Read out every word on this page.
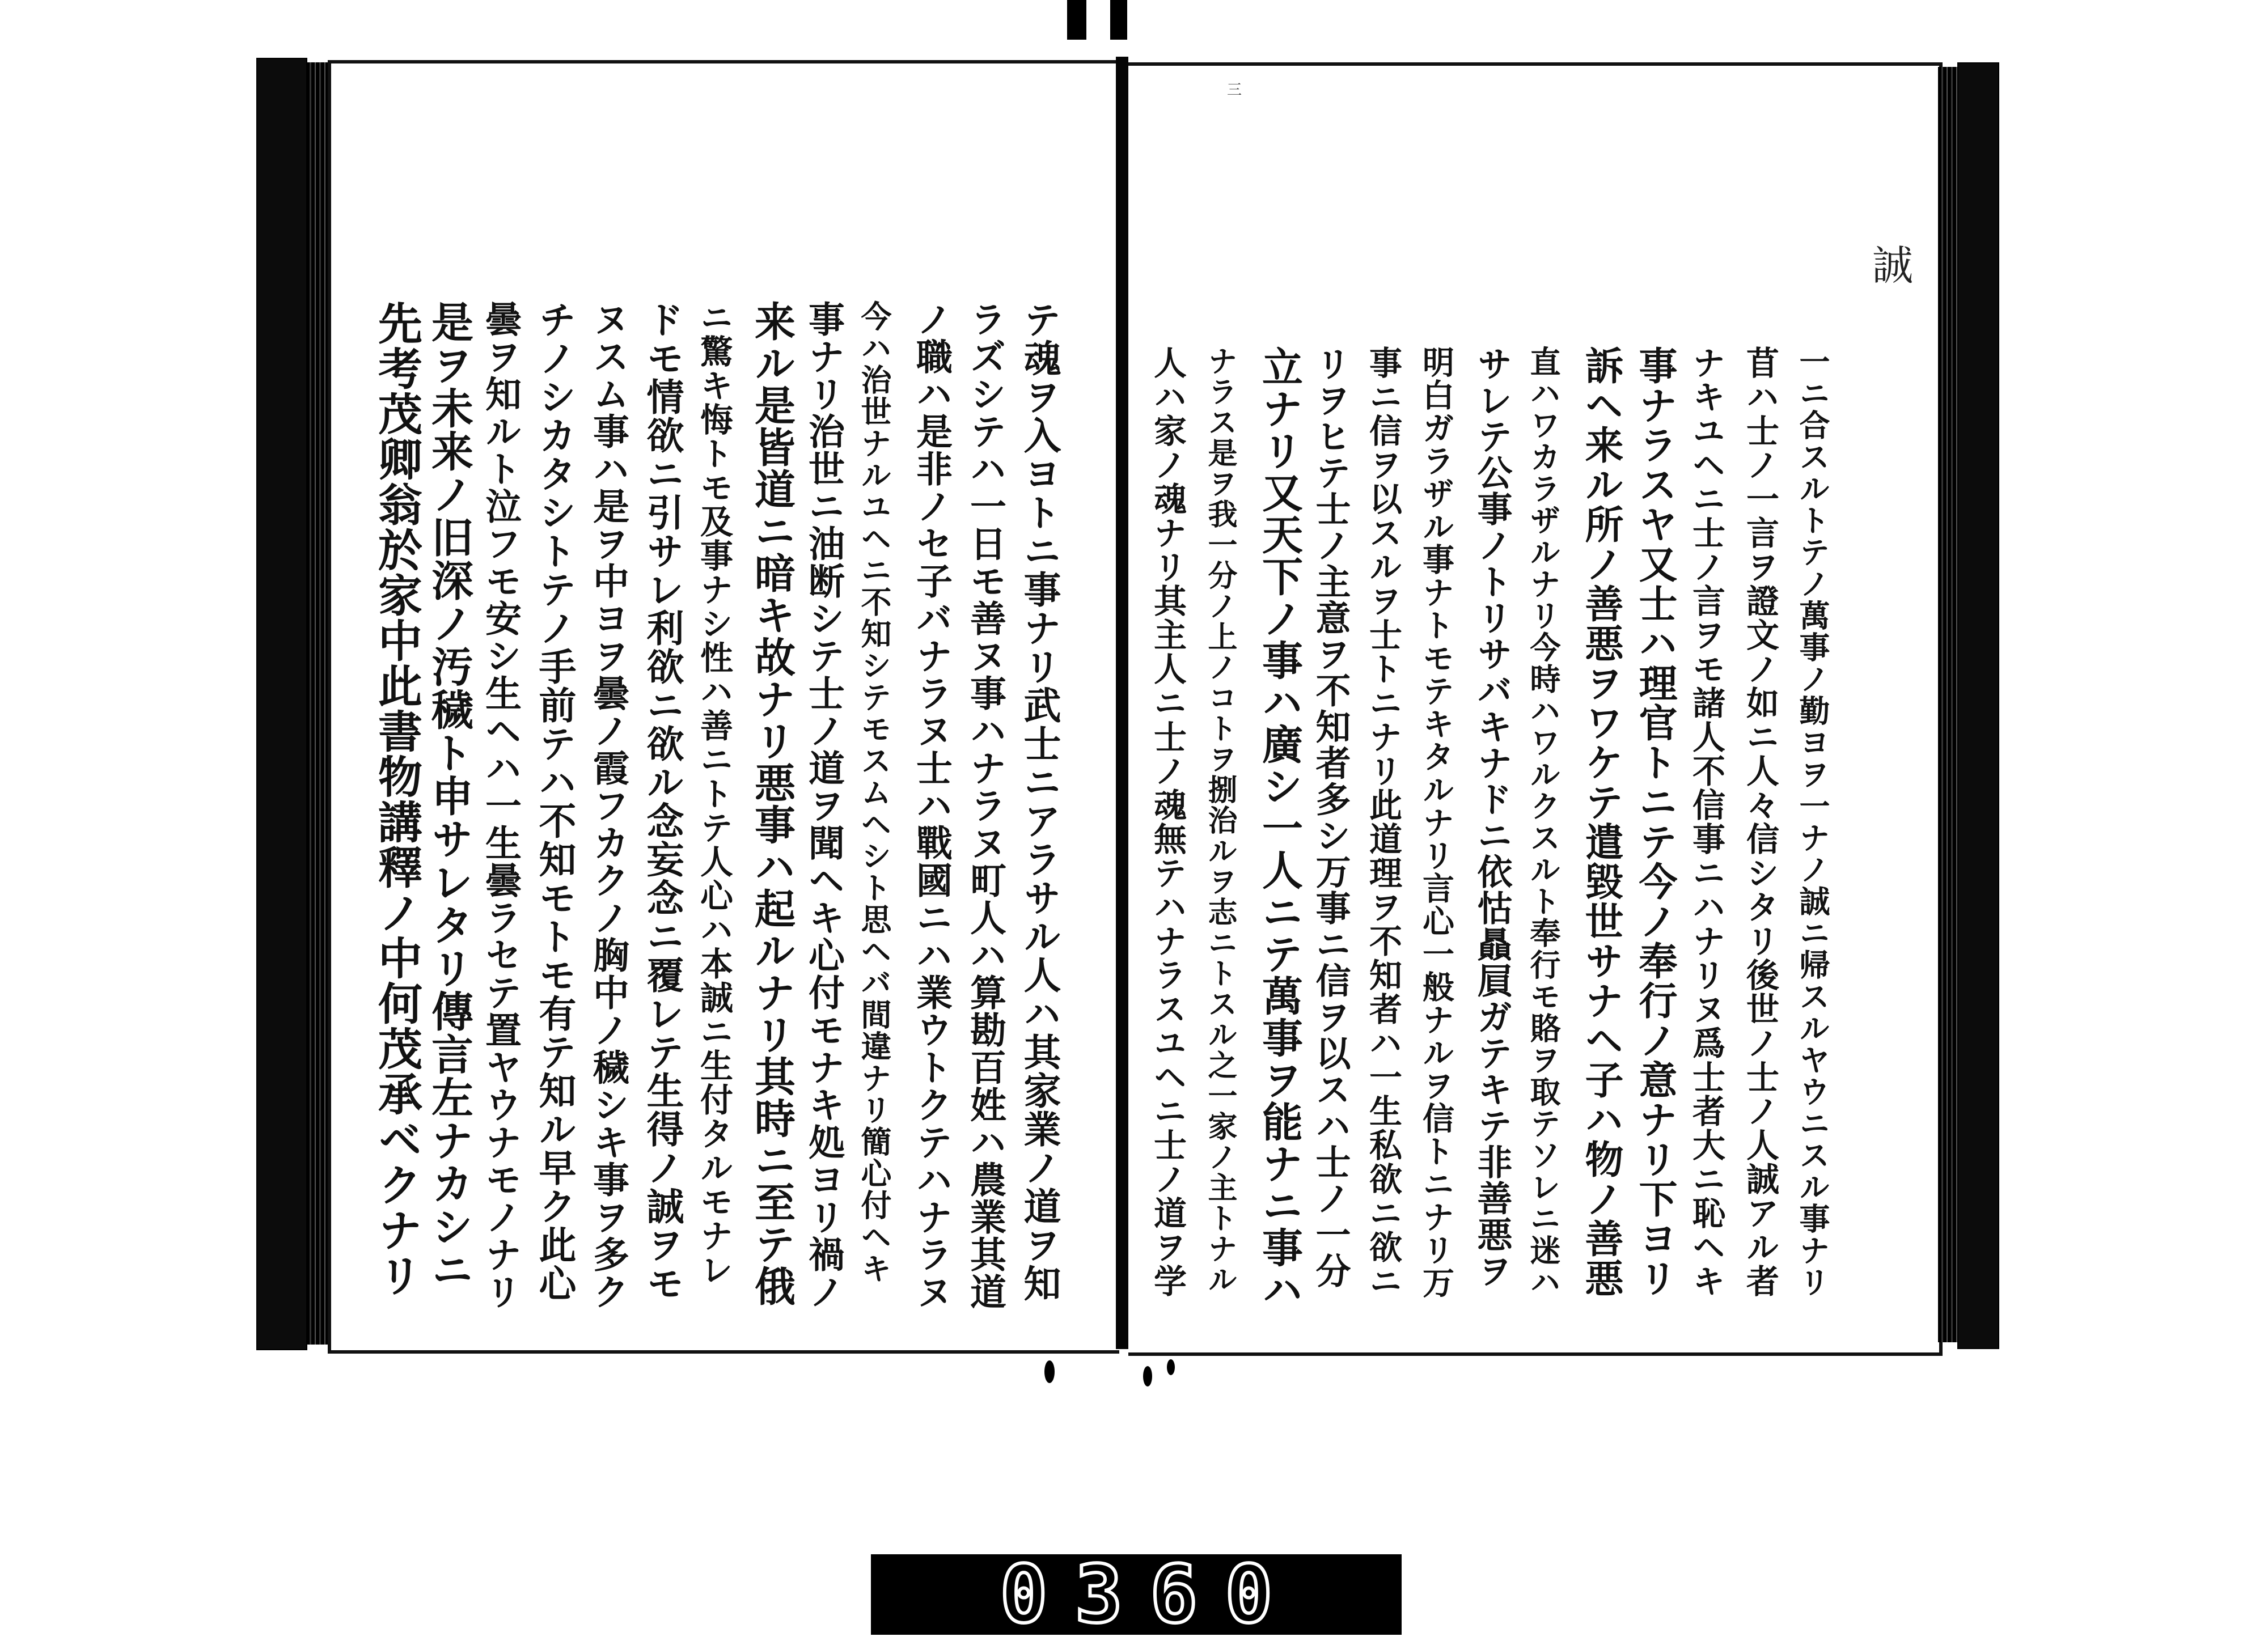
三
誠
一ニ合スルトテノ萬事ノ勤ヨヲ一ナノ誠ニ帰スルヤウニスル事ナリ
苜ハ士ノ一言ヲ證文ノ如ニ人々信シタリ後世ノ士ノ人誠アル者
ナキユヘニ士ノ言ヲモ諸人不信事ニハナリヌ爲士者大ニ恥ヘキ
事ナラスヤ又士ハ理官トニテ今ノ奉行ノ意ナリ下ヨリ
訴ヘ来ル所ノ善悪ヲワケテ遣毀世サナヘ子ハ物ノ善悪
直ハワカラザルナリ今時ハワルクスルト奉行モ賂ヲ取テソレニ迷ハ
サレテ公事ノトリサバキナドニ依怙贔屓ガテキテ非善悪ヲ
明白ガラザル事ナトモテキタルナリ言心一般ナルヲ信トニナリ万
事ニ信ヲ以スルヲ士トニナリ此道理ヲ不知者ハ一生私欲ニ欲ニ
リヲヒテ士ノ主意ヲ不知者多シ万事ニ信ヲ以スハ士ノ一分
立ナリ又天下ノ事ハ廣シ一人ニテ萬事ヲ能ナニ事ハ
ナラス是ヲ我一分ノ上ノコトヲ捌治ルヲ志ニトスル之一家ノ主トナル
人ハ家ノ魂ナリ其主人ニ士ノ魂無テハナラスユヘニ士ノ道ヲ学
テ魂ヲ入ヨトニ事ナリ武士ニアラサル人ハ其家業ノ道ヲ知
ラズシテハ一日モ善ヌ事ハナラヌ町人ハ算勘百姓ハ農業其道
ノ職ハ是非ノセ子バナラヌ士ハ戰國ニハ業ウトクテハナラヌ
今ハ治世ナルユヘニ不知シテモスムヘシト思ヘバ間違ナリ簡心付ヘキ
事ナリ治世ニ油断シテ士ノ道ヲ聞ヘキ心付モナキ処ヨリ禍ノ
来ル是皆道ニ暗キ故ナリ悪事ハ起ルナリ其時ニ至テ俄
ニ驚キ悔トモ及事ナシ性ハ善ニトテ人心ハ本誠ニ生付タルモナレ
ドモ情欲ニ引サレ利欲ニ欲ル念妄念ニ覆レテ生得ノ誠ヲモ
ヌスム事ハ是ヲ中ヨヲ曇ノ霞フカクノ胸中ノ穢シキ事ヲ多ク
チノシカタシトテノ手前テハ不知モトモ有テ知ル早ク此心
曇ヲ知ルト泣フモ安シ生ヘハ一生曇ラセテ置ヤウナモノナリ
是ヲ未来ノ旧深ノ汚穢ト申サレタリ傳言左ナカシニ
先考茂卿翁於家中此書物講釋ノ中何茂承ベクナリ
0360
